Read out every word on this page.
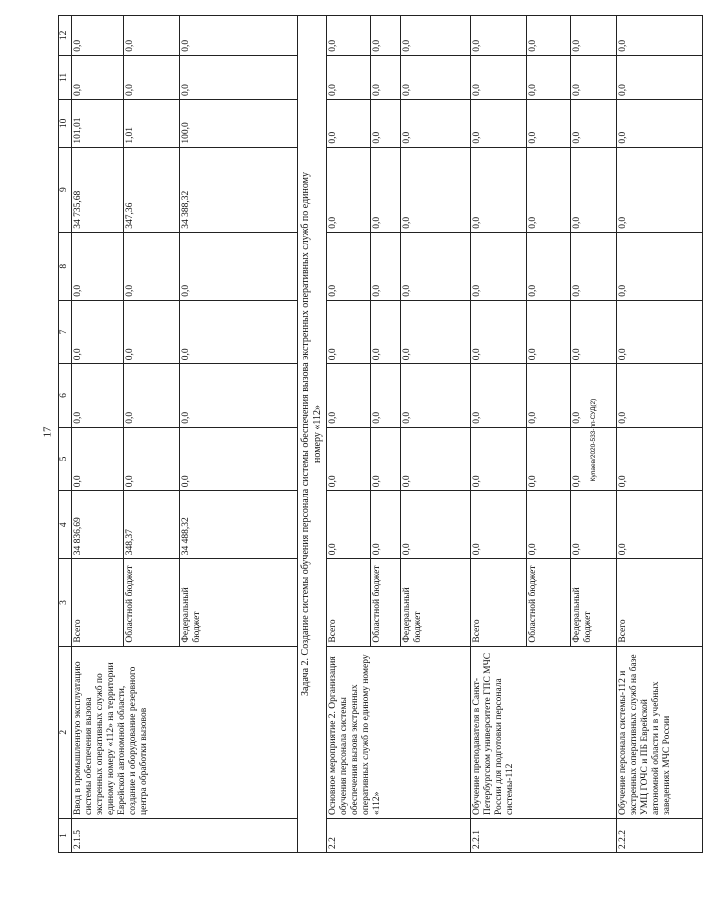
17	Кулаев/2020-533-пп-СУД(2)
1	2	3	4	5	6	7	8	9	10	11	12
2.1.5	Ввод в промышленную эксплуатацию системы обеспечения вызова экстренных оперативных служб по единому номеру «112» на территории Еврейской автономной области, создание и оборудование резервного центра обработки вызовов	Всего	34 836,69	0,0	0,0	0,0	0,0	34 735,68	101,01	0,0	0,0
		Областной бюджет	348,37	0,0	0,0	0,0	0,0	347,36	1,01	0,0	0,0
		Федеральный бюджет	34 488,32	0,0	0,0	0,0	0,0	34 388,32	100,0	0,0	0,0
Задача 2. Создание системы обучения персонала системы обеспечения вызова экстренных оперативных служб по единому номеру «112»											
2.2	Основное мероприятие 2. Организация обучения персонала системы обеспечения вызова экстренных оперативных служб по единому номеру «112»	Всего	0,0	0,0	0,0	0,0	0,0	0,0	0,0	0,0	0,0
		Областной бюджет	0,0	0,0	0,0	0,0	0,0	0,0	0,0	0,0	0,0
		Федеральный бюджет	0,0	0,0	0,0	0,0	0,0	0,0	0,0	0,0	0,0
2.2.1	Обучение преподавателя в Санкт-Петербургском университете ГПС МЧС России для подготовки персонала системы-112	Всего	0,0	0,0	0,0	0,0	0,0	0,0	0,0	0,0	0,0
		Областной бюджет	0,0	0,0	0,0	0,0	0,0	0,0	0,0	0,0	0,0
		Федеральный бюджет	0,0	0,0	0,0	0,0	0,0	0,0	0,0	0,0	0,0
2.2.2	Обучение персонала системы-112 и экстренных оперативных служб на базе УМЦ ГОЧС и ПБ Еврейской автономной области и в учебных заведениях МЧС России	Всего	0,0	0,0	0,0	0,0	0,0	0,0	0,0	0,0	0,0
